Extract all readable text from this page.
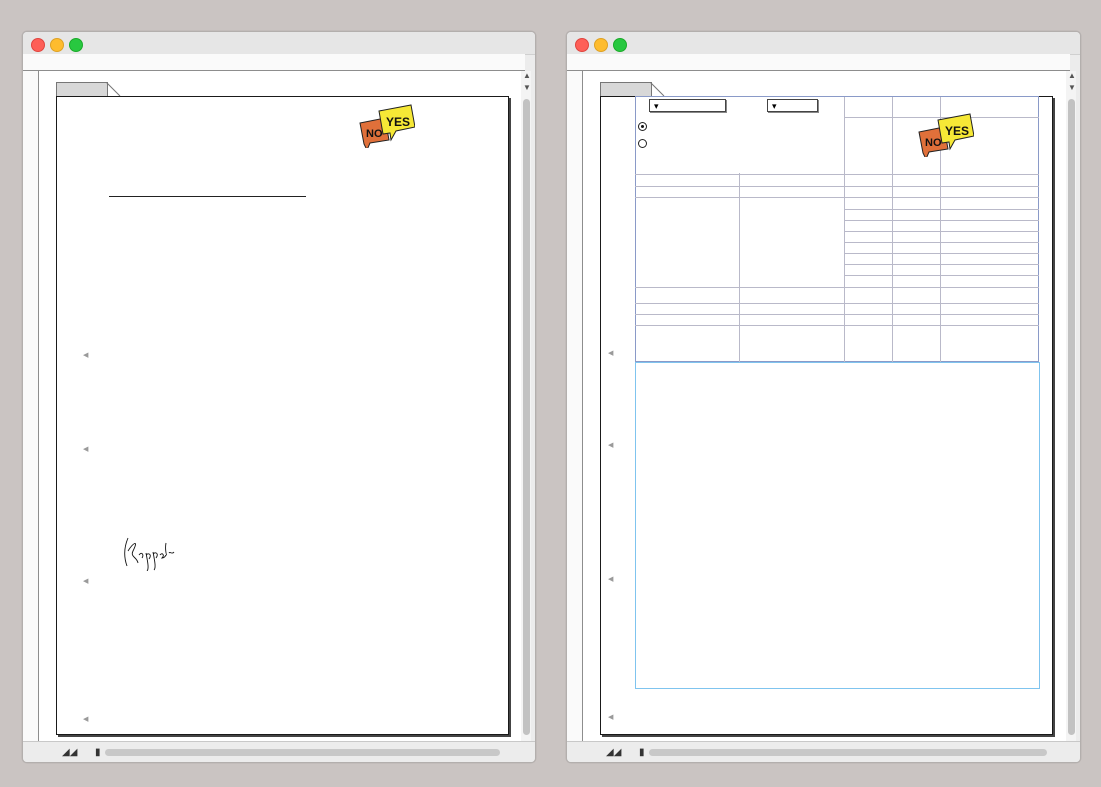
NO
YES
◀
◀
◀
◀
▲
▼
◢◢ ▮
▾	▾
NO
YES
◀
◀
◀
◀
▲
▼
◢◢ ▮
